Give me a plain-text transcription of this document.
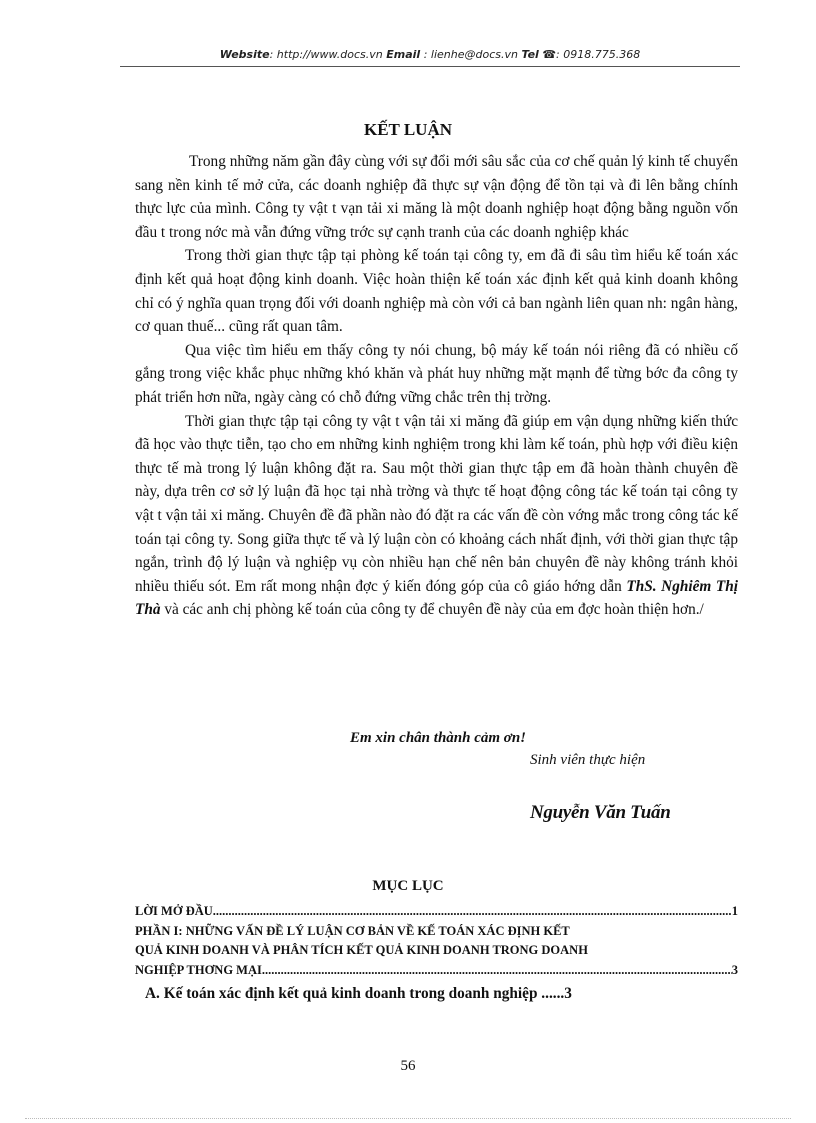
Website: http://www.docs.vn Email : lienhe@docs.vn Tel ☎: 0918.775.368
KẾT LUẬN

Trong những năm gần đây cùng với sự đổi mới sâu sắc của cơ chế quản lý kinh tế chuyển sang nền kinh tế mở cửa, các doanh nghiệp đã thực sự vận động để tồn tại và đi lên bằng chính thực lực của mình. Công ty vật t vạn tải xi măng là một doanh nghiệp hoạt động bằng nguồn vốn đầu t trong nớc mà vẫn đứng vững trớc sự cạnh tranh của các doanh nghiệp khác

Trong thời gian thực tập tại phòng kế toán tại công ty, em đã đi sâu tìm hiểu kế toán xác định kết quả hoạt động kinh doanh. Việc hoàn thiện kế toán xác định kết quả kinh doanh không chỉ có ý nghĩa quan trọng đối với doanh nghiệp mà còn với cả ban ngành liên quan nh: ngân hàng, cơ quan thuế... cũng rất quan tâm.

Qua việc tìm hiểu em thấy công ty nói chung, bộ máy kế toán nói riêng đã có nhiều cố gắng trong việc khắc phục những khó khăn và phát huy những mặt mạnh để từng bớc đa công ty phát triển hơn nữa, ngày càng có chỗ đứng vững chắc trên thị trờng.

Thời gian thực tập tại công ty vật t vận tải xi măng đã giúp em vận dụng những kiến thức đã học vào thực tiễn, tạo cho em những kinh nghiệm trong khi làm kế toán, phù hợp với điều kiện thực tế mà trong lý luận không đặt ra. Sau một thời gian thực tập em đã hoàn thành chuyên đề này, dựa trên cơ sở lý luận đã học tại nhà trờng và thực tế hoạt động công tác kế toán tại công ty vật t vận tải xi măng. Chuyên đề đã phần nào đó đặt ra các vấn đề còn vớng mắc trong công tác kế toán tại công ty. Song giữa thực tế và lý luận còn có khoảng cách nhất định, với thời gian thực tập ngắn, trình độ lý luận và nghiệp vụ còn nhiều hạn chế nên bản chuyên đề này không tránh khỏi nhiều thiếu sót. Em rất mong nhận đợc ý kiến đóng góp của cô giáo hớng dẫn ThS. Nghiêm Thị Thà và các anh chị phòng kế toán của công ty để chuyên đề này của em đợc hoàn thiện hơn./

Em xin chân thành cảm ơn!
Sinh viên thực hiện
Nguyễn Văn Tuấn
MỤC LỤC
LỜI MỞ ĐẦU .....	1
PHẦN I: NHỮNG VẤN ĐỀ LÝ LUẬN CƠ BẢN VỀ KẾ TOÁN XÁC ĐỊNH KẾT
QUẢ KINH DOANH VÀ PHÂN TÍCH KẾT QUẢ KINH DOANH TRONG DOANH
NGHIỆP THƠNG MẠI .....	3
A. Kế toán xác định kết quả kinh doanh trong doanh nghiệp ...... 3
56
